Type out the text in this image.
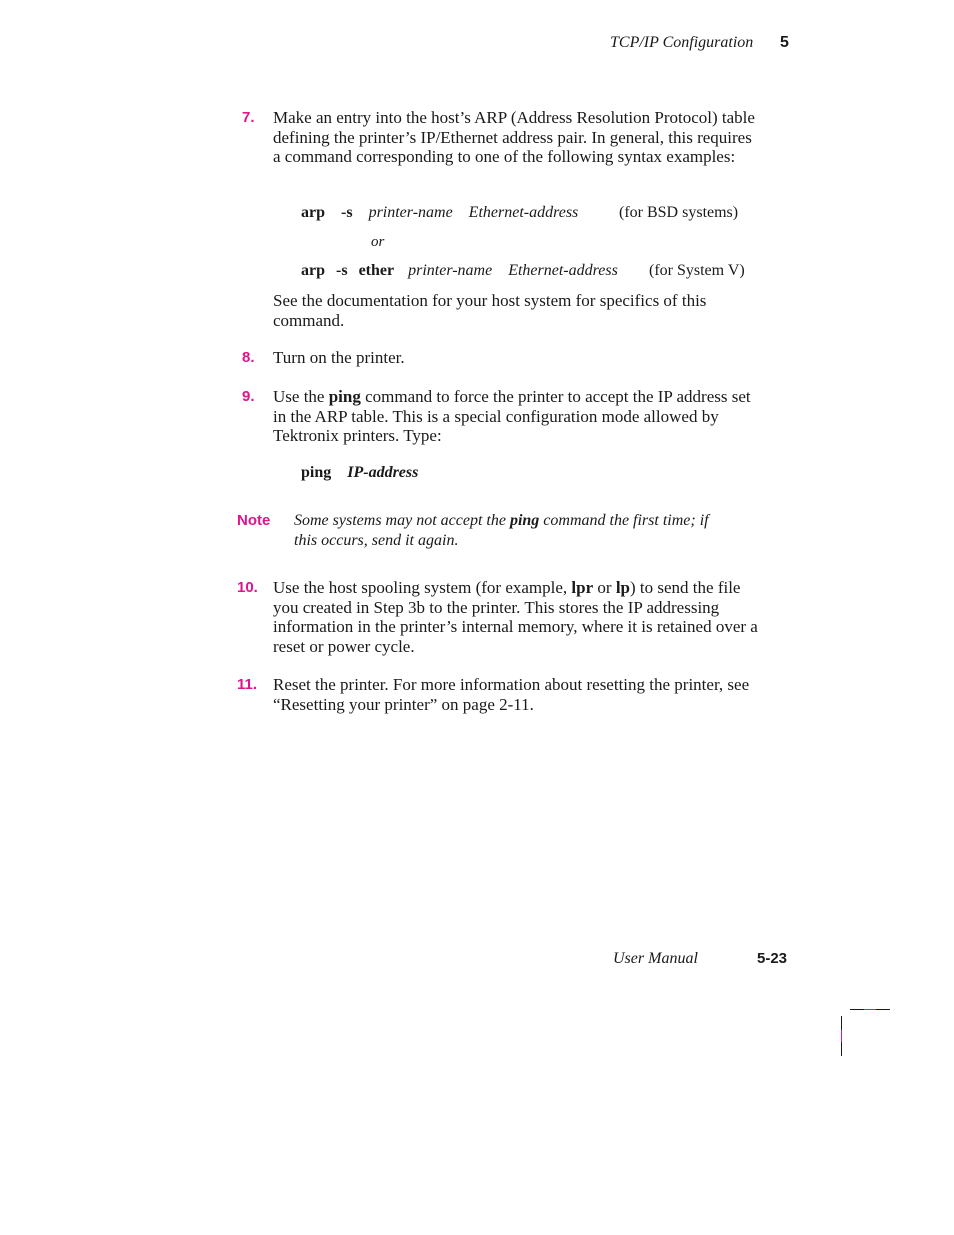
TCP/IP Configuration 5
7. Make an entry into the host’s ARP (Address Resolution Protocol) table defining the printer’s IP/Ethernet address pair. In general, this requires a command corresponding to one of the following syntax examples:
arp -s printer-name Ethernet-address	(for BSD systems)
or
arp -s ether printer-name Ethernet-address (for System V)
See the documentation for your host system for specifics of this command.
8. Turn on the printer.
9. Use the ping command to force the printer to accept the IP address set in the ARP table. This is a special configuration mode allowed by Tektronix printers. Type:
ping IP-address
Note Some systems may not accept the ping command the first time; if this occurs, send it again.
10. Use the host spooling system (for example, lpr or lp) to send the file you created in Step 3b to the printer. This stores the IP addressing information in the printer’s internal memory, where it is retained over a reset or power cycle.
11. Reset the printer. For more information about resetting the printer, see “Resetting your printer” on page 2-11.
User Manual	5-23
